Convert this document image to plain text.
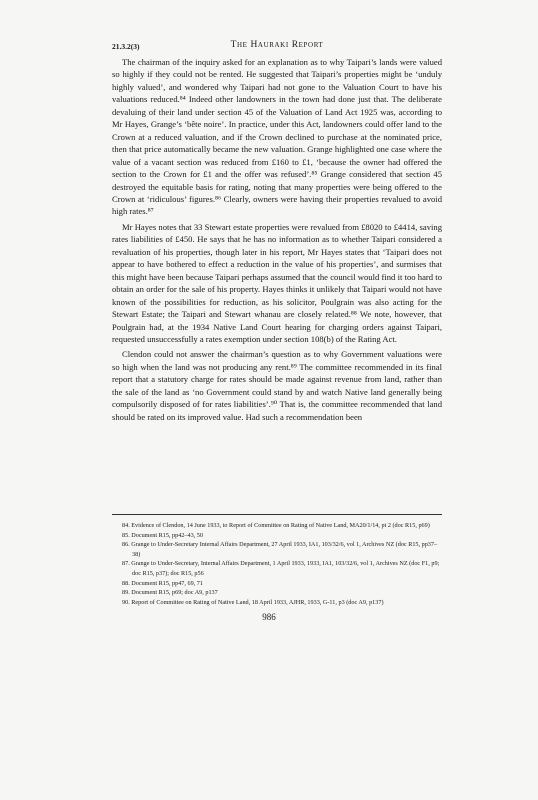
21.3.2(3)	The Hauraki Report

The chairman of the inquiry asked for an explanation as to why Taipari’s lands were valued so highly if they could not be rented. He suggested that Taipari’s properties might be ‘unduly highly valued’, and wondered why Taipari had not gone to the Valuation Court to have his valuations reduced.⁸⁴ Indeed other landowners in the town had done just that. The deliberate devaluing of their land under section 45 of the Valuation of Land Act 1925 was, according to Mr Hayes, Grange’s ‘bête noire’. In practice, under this Act, landowners could offer land to the Crown at a reduced valuation, and if the Crown declined to purchase at the nominated price, then that price automatically became the new valuation. Grange highlighted one case where the value of a vacant section was reduced from £160 to £1, ‘because the owner had offered the section to the Crown for £1 and the offer was refused’.⁸⁵ Grange considered that section 45 destroyed the equitable basis for rating, noting that many properties were being offered to the Crown at ‘ridiculous’ figures.⁸⁶ Clearly, owners were having their properties revalued to avoid high rates.⁸⁷

Mr Hayes notes that 33 Stewart estate properties were revalued from £8020 to £4414, saving rates liabilities of £450. He says that he has no information as to whether Taipari considered a revaluation of his properties, though later in his report, Mr Hayes states that ‘Taipari does not appear to have bothered to effect a reduction in the value of his properties’, and surmises that this might have been because Taipari perhaps assumed that the council would find it too hard to obtain an order for the sale of his property. Hayes thinks it unlikely that Taipari would not have known of the possibilities for reduction, as his solicitor, Poulgrain was also acting for the Stewart Estate; the Taipari and Stewart whanau are closely related.⁸⁸ We note, however, that Poulgrain had, at the 1934 Native Land Court hearing for charging orders against Taipari, requested unsuccessfully a rates exemption under section 108(b) of the Rating Act.

Clendon could not answer the chairman’s question as to why Government valuations were so high when the land was not producing any rent.⁸⁹ The committee recommended in its final report that a statutory charge for rates should be made against revenue from land, rather than the sale of the land as ‘no Government could stand by and watch Native land generally being compulsorily disposed of for rates liabilities’.⁹⁰ That is, the committee recommended that land should be rated on its improved value. Had such a recommendation been

84. Evidence of Clendon, 14 June 1933, to Report of Committee on Rating of Native Land, MA20/1/14, pt 2 (doc R15, p69)
85. Document R15, pp42–43, 50
86. Grange to Under-Secretary Internal Affairs Department, 27 April 1933, IA1, 103/32/6, vol 1, Archives NZ (doc R15, pp37–38)
87. Grange to Under-Secretary, Internal Affairs Department, 1 April 1933, 1933, IA1, 103/32/6, vol 1, Archives NZ (doc F1, p9; doc R15, p37); doc R15, p56
88. Document R15, pp47, 69, 71
89. Document R15, p69; doc A9, p137
90. Report of Committee on Rating of Native Land, 18 April 1933, AJHR, 1933, G-11, p3 (doc A9, p137)
986
